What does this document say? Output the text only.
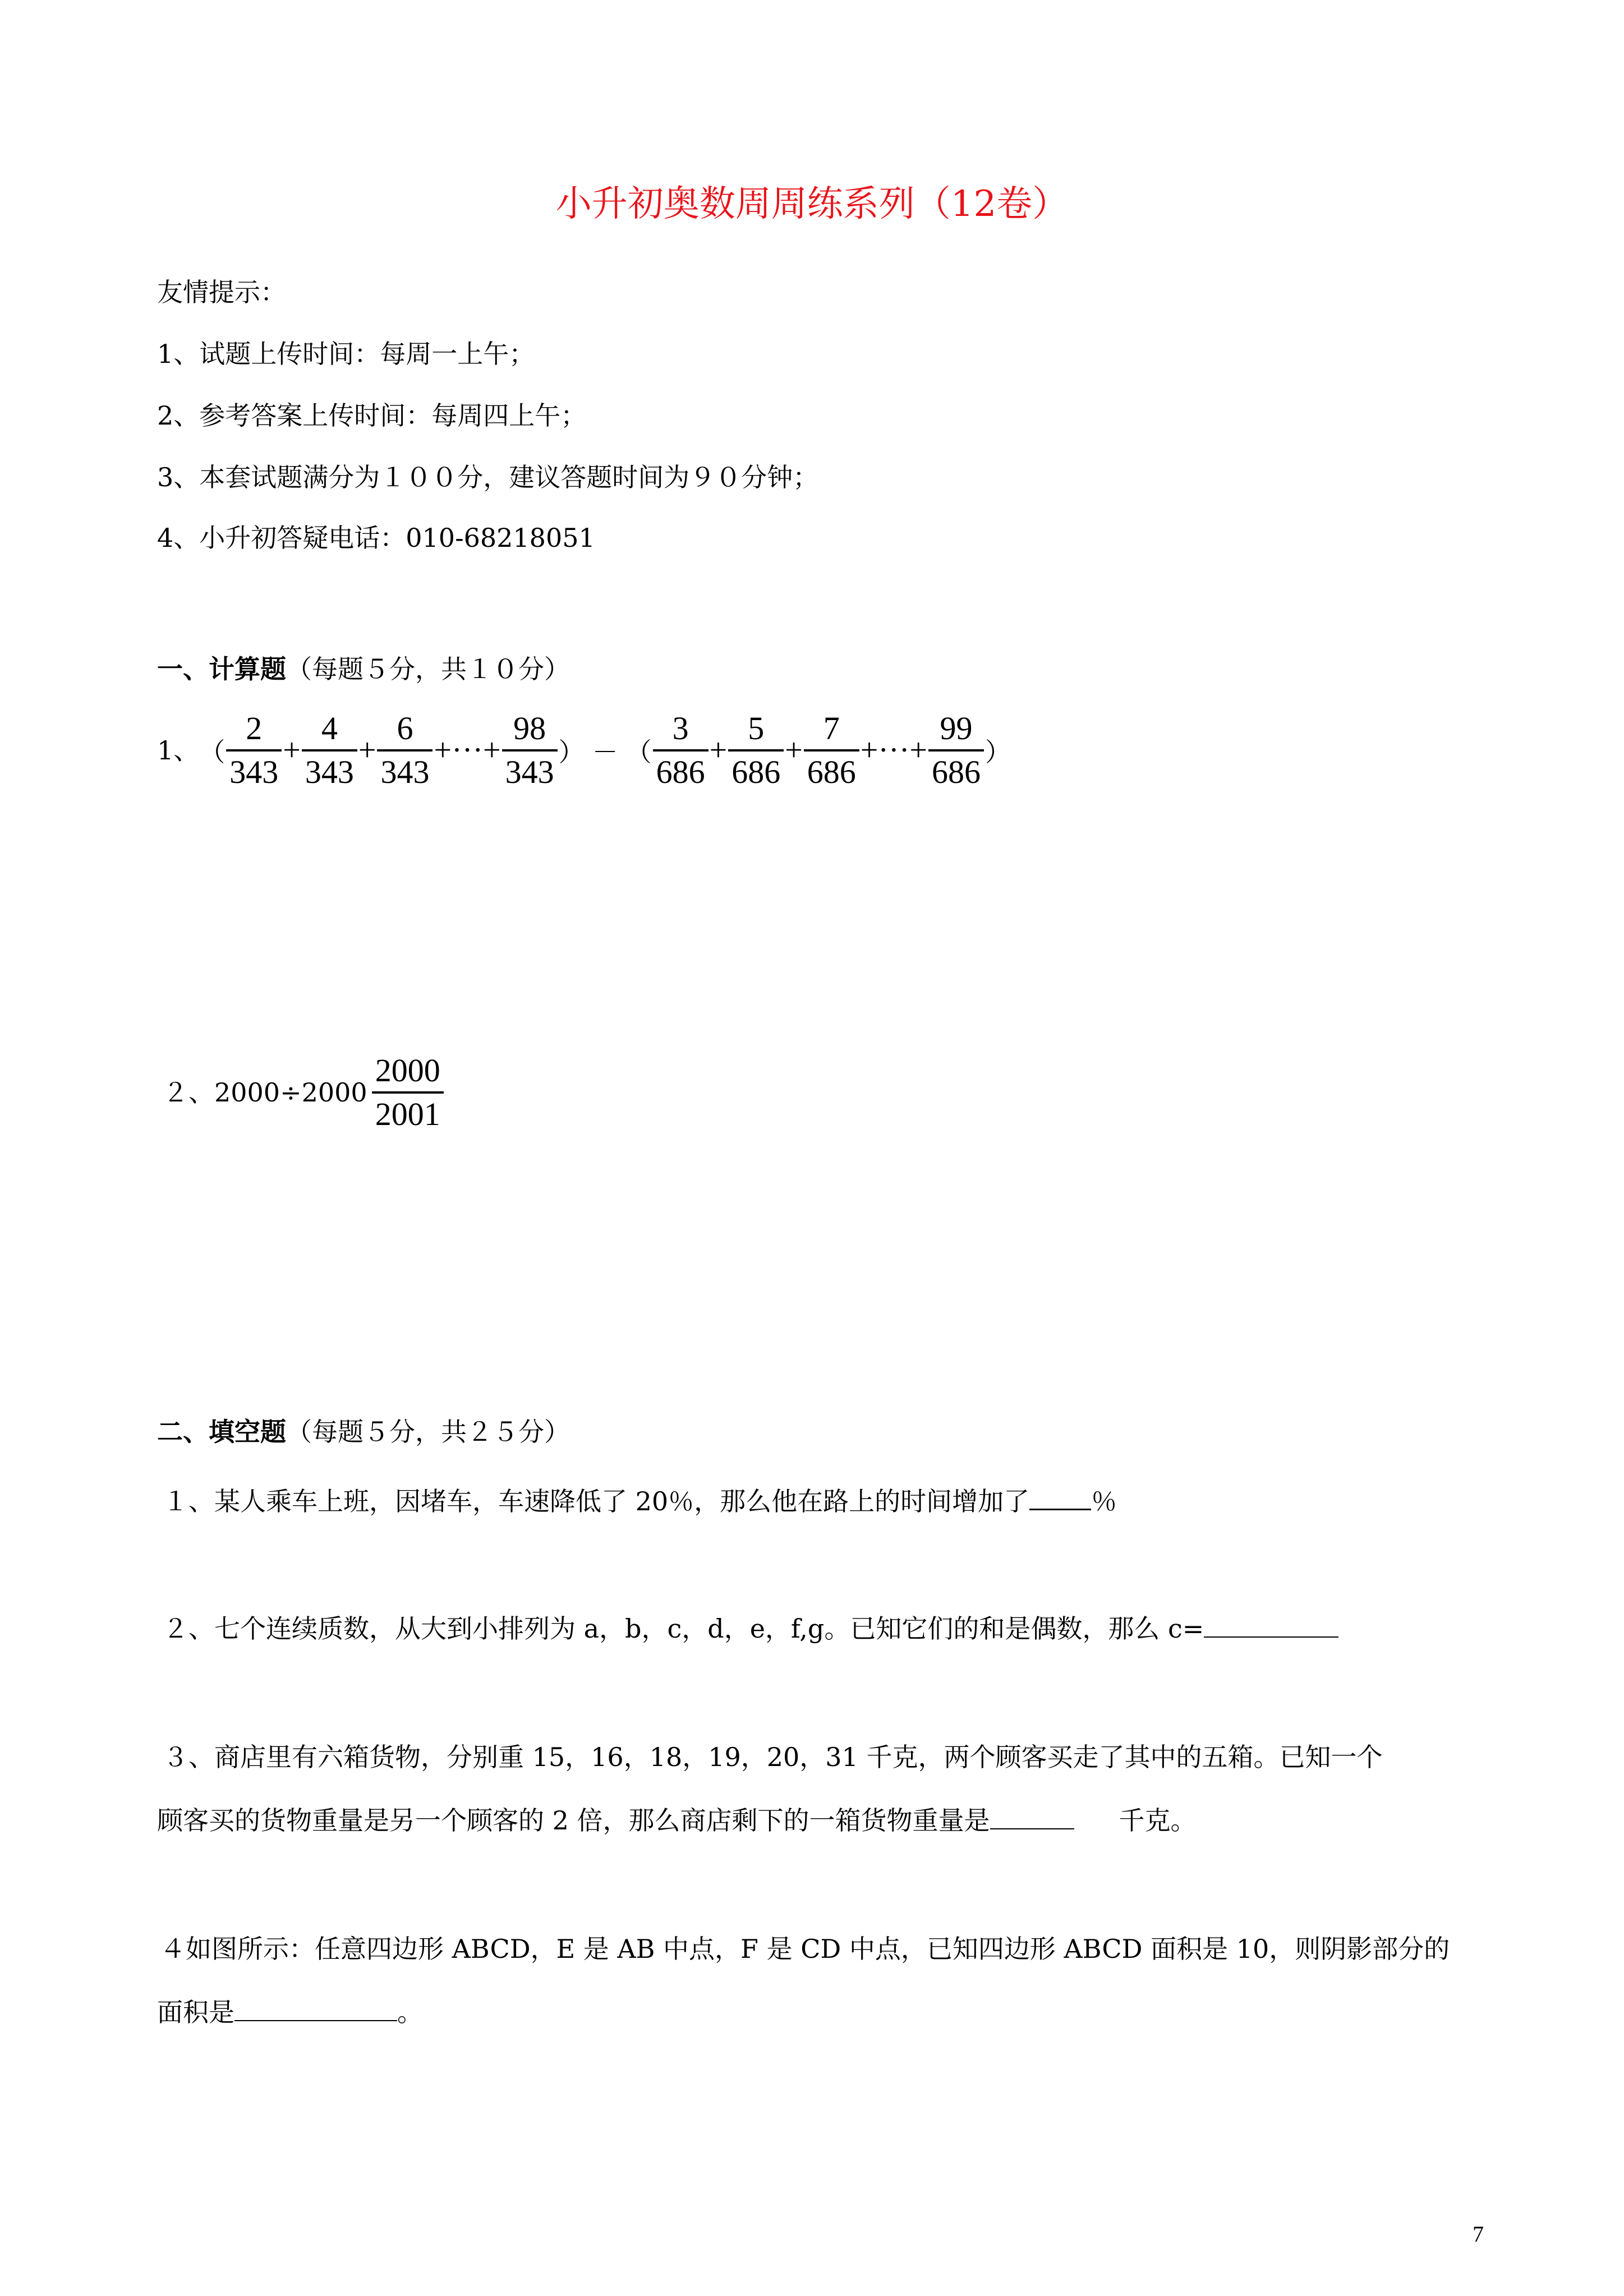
小升初奥数周周练系列（12卷）
友情提示：
1、试题上传时间：每周一上午；
2、参考答案上传时间：每周四上午；
3、本套试题满分为１００分，建议答题时间为９０分钟；
4、小升初答疑电话：010-68218051
一、计算题（每题５分，共１０分）
1、 （ $\frac{2}{343} + \frac{4}{343} + \frac{6}{343}$ + ··· + $\frac{98}{343}$ ） － （ $\frac{3}{686} + \frac{5}{686} + \frac{7}{686}$ + ··· + $\frac{99}{686}$ ）
２、$2000\div 2000 \frac{2000}{2001}$
二、填空题（每题５分，共２５分）
１、某人乘车上班，因堵车，车速降低了 20％，那么他在路上的时间增加了 ％
２、七个连续质数，从大到小排列为 a，b，c，d，e，f,g。已知它们的和是偶数，那么 c=
３、商店里有六箱货物，分别重 15，16，18，19，20，31 千克，两个顾客买走了其中的五箱。已知一个
顾客买的货物重量是另一个顾客的 2 倍，那么商店剩下的一箱货物重量是	千克。
４如图所示：任意四边形 ABCD，E 是 AB 中点，F 是 CD 中点，已知四边形 ABCD 面积是 10，则阴影部分的
面积是	。
7
